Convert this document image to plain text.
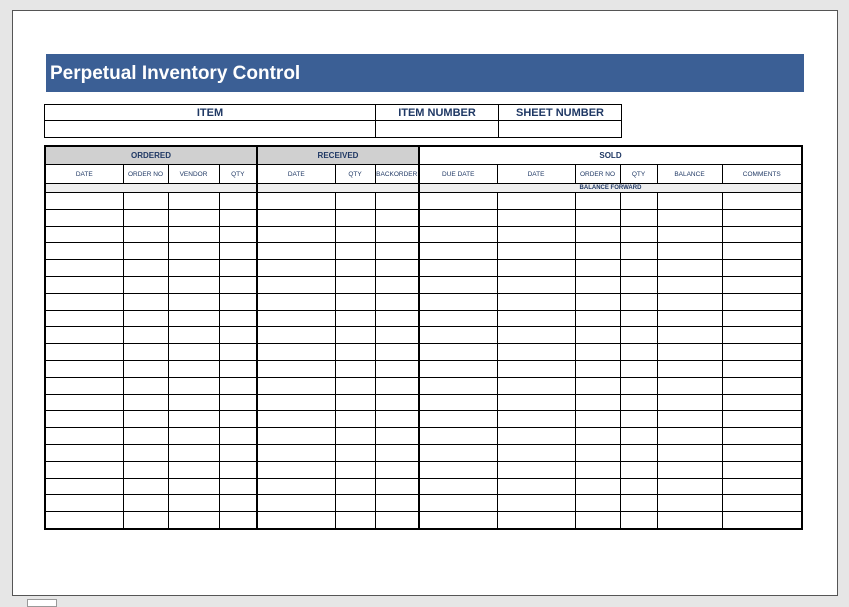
Perpetual Inventory Control
ITEM	ITEM NUMBER	SHEET NUMBER

ORDERED				RECEIVED			SOLD					
DATE	ORDER NO	VENDOR	QTY	DATE	QTY	BACKORDER	DUE DATE	DATE	ORDER NO	QTY	BALANCE	COMMENTS
							BALANCE FORWARD					
